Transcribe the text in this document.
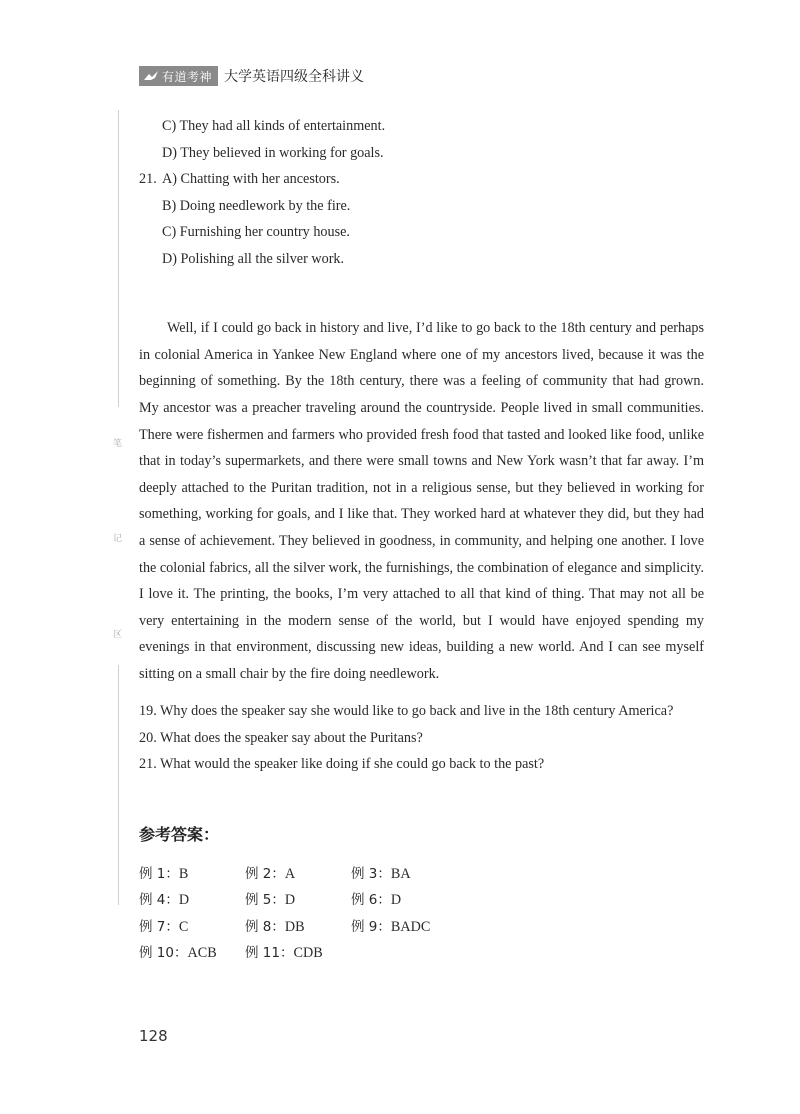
有道考神 大学英语四级全科讲义
笔
记
区
C) They had all kinds of entertainment.
D) They believed in working for goals.
21. A) Chatting with her ancestors.
B) Doing needlework by the fire.
C) Furnishing her country house.
D) Polishing all the silver work.

Well, if I could go back in history and live, I’d like to go back to the 18th century and perhaps in colonial America in Yankee New England where one of my ancestors lived, because it was the beginning of something. By the 18th century, there was a feeling of community that had grown. My ancestor was a preacher traveling around the countryside. People lived in small communities. There were fishermen and farmers who provided fresh food that tasted and looked like food, unlike that in today’s supermarkets, and there were small towns and New York wasn’t that far away. I’m deeply attached to the Puritan tradition, not in a religious sense, but they believed in working for something, working for goals, and I like that. They worked hard at whatever they did, but they had a sense of achievement. They believed in goodness, in community, and helping one another. I love the colonial fabrics, all the silver work, the furnishings, the combination of elegance and simplicity. I love it. The printing, the books, I’m very attached to all that kind of thing. That may not all be very entertaining in the modern sense of the world, but I would have enjoyed spending my evenings in that environment, discussing new ideas, building a new world. And I can see myself sitting on a small chair by the fire doing needlework.

19. Why does the speaker say she would like to go back and live in the 18th century America?
20. What does the speaker say about the Puritans?
21. What would the speaker like doing if she could go back to the past?
参考答案：
例 1：B	例 2：A	例 3：BA
例 4：D	例 5：D	例 6：D
例 7：C	例 8：DB	例 9：BADC
例 10：ACB	例 11：CDB
128
